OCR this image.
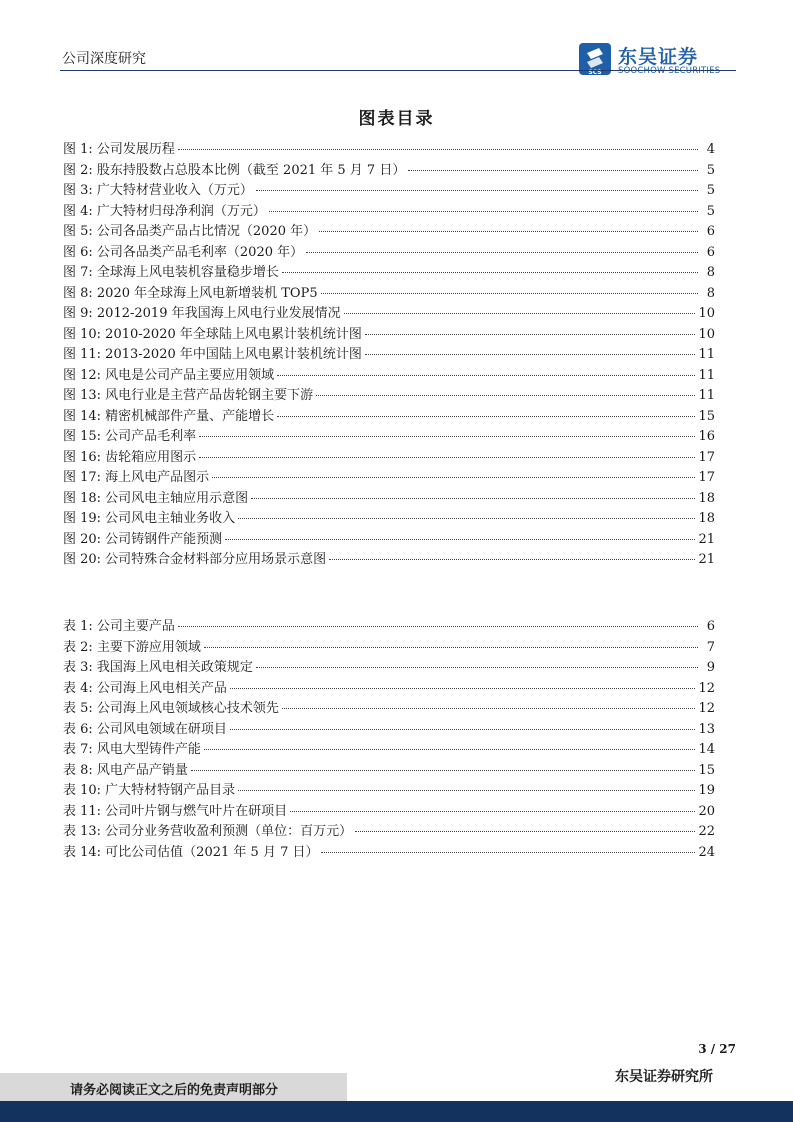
公司深度研究
SCS
东吴证券
SOOCHOW SECURITIES
图表目录
图 1: 公司发展历程	4
图 2: 股东持股数占总股本比例（截至 2021 年 5 月 7 日）	5
图 3: 广大特材营业收入（万元）	5
图 4: 广大特材归母净利润（万元）	5
图 5: 公司各品类产品占比情况（2020 年）	6
图 6: 公司各品类产品毛利率（2020 年）	6
图 7: 全球海上风电装机容量稳步增长	8
图 8: 2020 年全球海上风电新增装机 TOP5	8
图 9: 2012-2019 年我国海上风电行业发展情况	10
图 10: 2010-2020 年全球陆上风电累计装机统计图	10
图 11: 2013-2020 年中国陆上风电累计装机统计图	11
图 12: 风电是公司产品主要应用领域	11
图 13: 风电行业是主营产品齿轮钢主要下游	11
图 14: 精密机械部件产量、产能增长	15
图 15: 公司产品毛利率	16
图 16: 齿轮箱应用图示	17
图 17: 海上风电产品图示	17
图 18: 公司风电主轴应用示意图	18
图 19: 公司风电主轴业务收入	18
图 20: 公司铸钢件产能预测	21
图 20: 公司特殊合金材料部分应用场景示意图	21
表 1: 公司主要产品	6
表 2: 主要下游应用领域	7
表 3: 我国海上风电相关政策规定	9
表 4: 公司海上风电相关产品	12
表 5: 公司海上风电领域核心技术领先	12
表 6: 公司风电领域在研项目	13
表 7: 风电大型铸件产能	14
表 8: 风电产品产销量	15
表 10: 广大特材特钢产品目录	19
表 11: 公司叶片钢与燃气叶片在研项目	20
表 13: 公司分业务营收盈利预测（单位：百万元）	22
表 14: 可比公司估值（2021 年 5 月 7 日）	24
3 / 27
请务必阅读正文之后的免责声明部分
东吴证券研究所
